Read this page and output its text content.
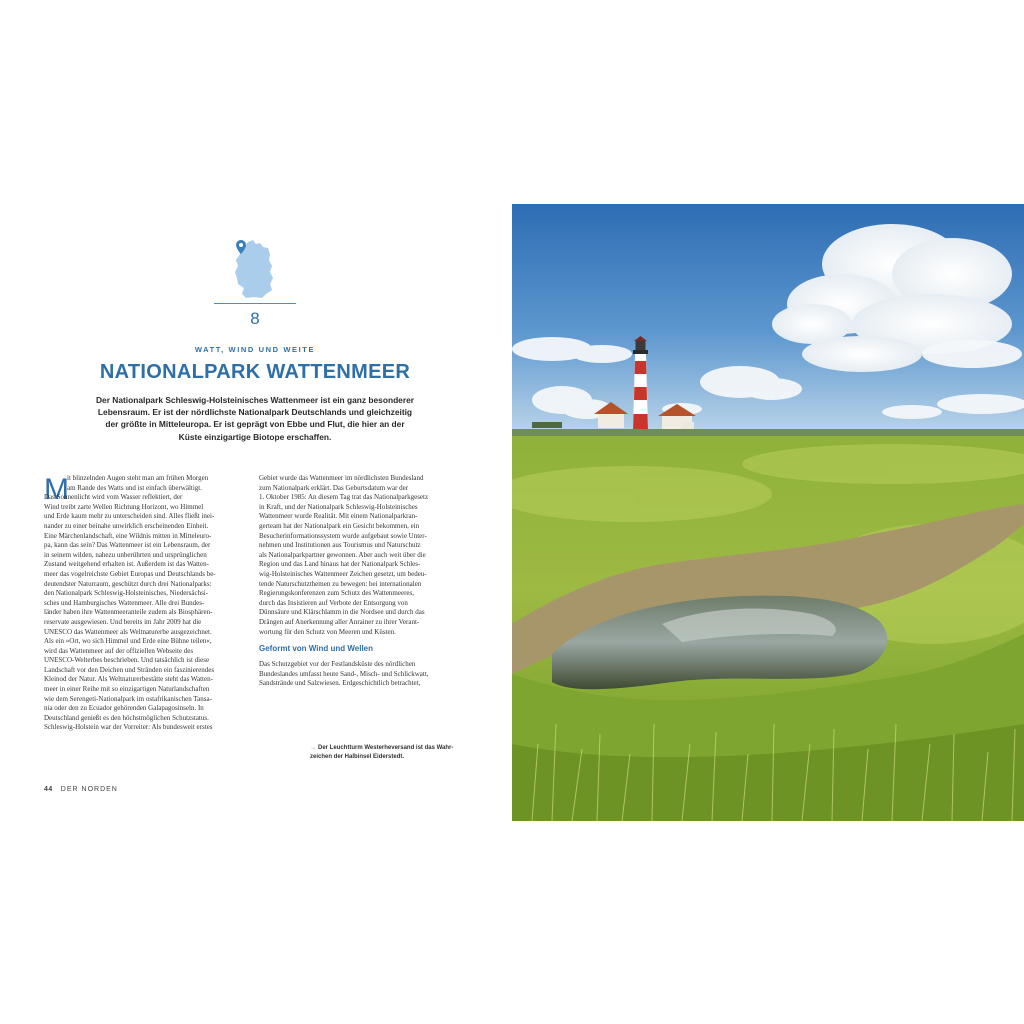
8
WATT, WIND UND WEITE
NATIONALPARK WATTENMEER
Der Nationalpark Schleswig-Holsteinisches Wattenmeer ist ein ganz besonderer
Lebensraum. Er ist der nördlichste Nationalpark Deutschlands und gleichzeitig
der größte in Mitteleuropa. Er ist geprägt von Ebbe und Flut, die hier an der
Küste einzigartige Biotope erschaffen.
M
it blinzelnden Augen steht man am frühen Morgen
am Rande des Watts und ist einfach überwältigt.
Das Sonnenlicht wird vom Wasser reflektiert, der
Wind treibt zarte Wellen Richtung Horizont, wo Himmel
und Erde kaum mehr zu unterscheiden sind. Alles fließt inei-
nander zu einer beinahe unwirklich erscheinenden Einheit.
Eine Märchenlandschaft, eine Wildnis mitten in Mitteleuro-
pa, kann das sein? Das Wattenmeer ist ein Lebensraum, der
in seinem wilden, nahezu unberührten und ursprünglichen
Zustand weitgehend erhalten ist. Außerdem ist das Watten-
meer das vogelreichste Gebiet Europas und Deutschlands be-
deutendster Naturraum, geschützt durch drei Nationalparks:
den Nationalpark Schleswig-Holsteinisches, Niedersächsi-
sches und Hamburgisches Wattenmeer. Alle drei Bundes-
länder haben ihre Wattenmeeranteile zudem als Biosphären-
reservate ausgewiesen. Und bereits im Jahr 2009 hat die
UNESCO das Wattenmeer als Weltnaturerbe ausgezeichnet.
Als ein »Ort, wo sich Himmel und Erde eine Bühne teilen«,
wird das Wattenmeer auf der offiziellen Webseite des
UNESCO-Welterbes beschrieben. Und tatsächlich ist diese
Landschaft vor den Deichen und Stränden ein faszinierendes
Kleinod der Natur. Als Weltnaturerbestätte steht das Watten-
meer in einer Reihe mit so einzigartigen Naturlandschaften
wie dem Serengeti-Nationalpark im ostafrikanischen Tansa-
nia oder den zu Ecuador gehörenden Galapagosinseln. In
Deutschland genießt es den höchstmöglichen Schutzstatus.
Schleswig-Holstein war der Vorreiter: Als bundesweit erstes
Gebiet wurde das Wattenmeer im nördlichsten Bundesland
zum Nationalpark erklärt. Das Geburtsdatum war der
1. Oktober 1985: An diesem Tag trat das Nationalparkgesetz
in Kraft, und der Nationalpark Schleswig-Holsteinisches
Wattenmeer wurde Realität. Mit einem Nationalparkran-
gerteam hat der Nationalpark ein Gesicht bekommen, ein
Besucherinformationssystem wurde aufgebaut sowie Unter-
nehmen und Institutionen aus Tourismus und Naturschutz
als Nationalparkpartner gewonnen. Aber auch weit über die
Region und das Land hinaus hat der Nationalpark Schles-
wig-Holsteinisches Wattenmeer Zeichen gesetzt, um bedeu-
tende Naturschutzthemen zu bewegen: bei internationalen
Regierungskonferenzen zum Schutz des Wattenmeeres,
durch das Insistieren auf Verbote der Entsorgung von
Dünnsäure und Klärschlamm in die Nordsee und durch das
Drängen auf Anerkennung aller Anrainer zu ihrer Verant-
wortung für den Schutz von Meeren und Küsten.
Geformt von Wind und Wellen
Das Schutzgebiet vor der Festlandsküste des nördlichen
Bundeslandes umfasst heute Sand-, Misch- und Schlickwatt,
Sandstrände und Salzwiesen. Erdgeschichtlich betrachtet,
→ Der Leuchtturm Westerheversand ist das Wahr-
zeichen der Halbinsel Eiderstedt.
44 DER NORDEN
